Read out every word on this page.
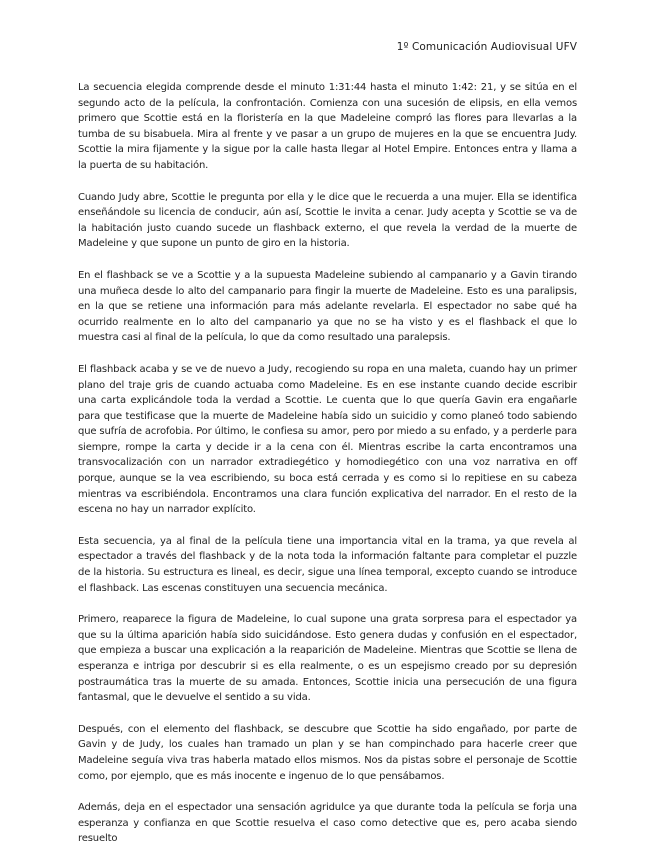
1º Comunicación Audiovisual UFV

La secuencia elegida comprende desde el minuto 1:31:44 hasta el minuto 1:42: 21, y se sitúa en el segundo acto de la película, la confrontación. Comienza con una sucesión de elipsis, en ella vemos primero que Scottie está en la floristería en la que Madeleine compró las flores para llevarlas a la tumba de su bisabuela. Mira al frente y ve pasar a un grupo de mujeres en la que se encuentra Judy. Scottie la mira fijamente y la sigue por la calle hasta llegar al Hotel Empire. Entonces entra y llama a la puerta de su habitación.

Cuando Judy abre, Scottie le pregunta por ella y le dice que le recuerda a una mujer. Ella se identifica enseñándole su licencia de conducir, aún así, Scottie le invita a cenar. Judy acepta y Scottie se va de la habitación justo cuando sucede un flashback externo, el que revela la verdad de la muerte de Madeleine y que supone un punto de giro en la historia.

En el flashback se ve a Scottie y a la supuesta Madeleine subiendo al campanario y a Gavin tirando una muñeca desde lo alto del campanario para fingir la muerte de Madeleine. Esto es una paralipsis, en la que se retiene una información para más adelante revelarla. El espectador no sabe qué ha ocurrido realmente en lo alto del campanario ya que no se ha visto y es el flashback el que lo muestra casi al final de la película, lo que da como resultado una paralepsis.

El flashback acaba y se ve de nuevo a Judy, recogiendo su ropa en una maleta, cuando hay un primer plano del traje gris de cuando actuaba como Madeleine. Es en ese instante cuando decide escribir una carta explicándole toda la verdad a Scottie. Le cuenta que lo que quería Gavin era engañarle para que testificase que la muerte de Madeleine había sido un suicidio y como planeó todo sabiendo que sufría de acrofobia. Por último, le confiesa su amor, pero por miedo a su enfado, y a perderle para siempre, rompe la carta y decide ir a la cena con él. Mientras escribe la carta encontramos una transvocalización con un narrador extradiegético y homodiegético con una voz narrativa en off porque, aunque se la vea escribiendo, su boca está cerrada y es como si lo repitiese en su cabeza mientras va escribiéndola. Encontramos una clara función explicativa del narrador. En el resto de la escena no hay un narrador explícito.

Esta secuencia, ya al final de la película tiene una importancia vital en la trama, ya que revela al espectador a través del flashback y de la nota toda la información faltante para completar el puzzle de la historia. Su estructura es lineal, es decir, sigue una línea temporal, excepto cuando se introduce el flashback. Las escenas constituyen una secuencia mecánica.

Primero, reaparece la figura de Madeleine, lo cual supone una grata sorpresa para el espectador ya que su la última aparición había sido suicidándose. Esto genera dudas y confusión en el espectador, que empieza a buscar una explicación a la reaparición de Madeleine. Mientras que Scottie se llena de esperanza e intriga por descubrir si es ella realmente, o es un espejismo creado por su depresión postraumática tras la muerte de su amada. Entonces, Scottie inicia una persecución de una figura fantasmal, que le devuelve el sentido a su vida.

Después, con el elemento del flashback, se descubre que Scottie ha sido engañado, por parte de Gavin y de Judy, los cuales han tramado un plan y se han compinchado para hacerle creer que Madeleine seguía viva tras haberla matado ellos mismos. Nos da pistas sobre el personaje de Scottie como, por ejemplo, que es más inocente e ingenuo de lo que pensábamos.

Además, deja en el espectador una sensación agridulce ya que durante toda la película se forja una esperanza y confianza en que Scottie resuelva el caso como detective que es, pero acaba siendo resuelto
